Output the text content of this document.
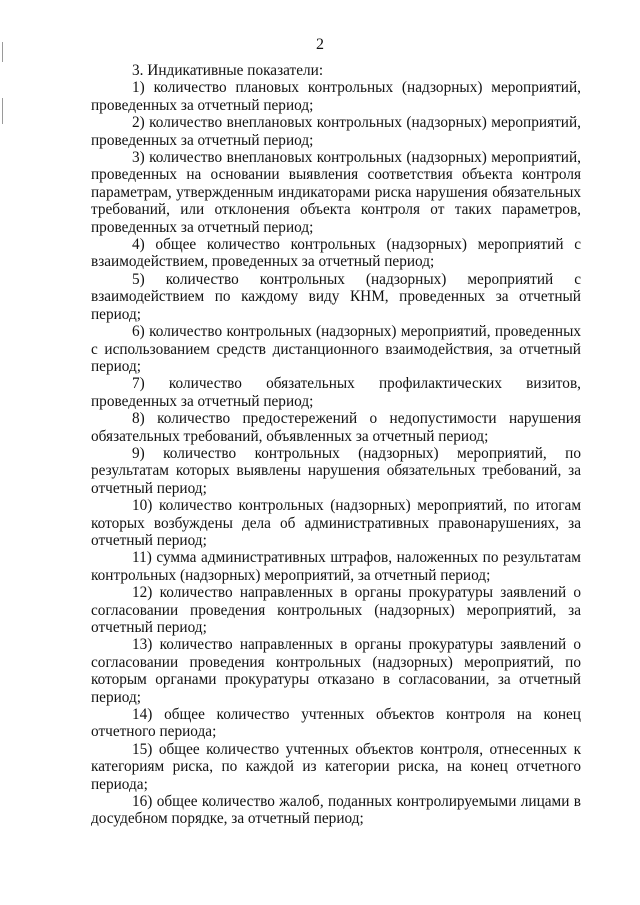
2

3. Индикативные показатели:

1) количество плановых контрольных (надзорных) мероприятий, проведенных за отчетный период;

2) количество внеплановых контрольных (надзорных) мероприятий, проведенных за отчетный период;

3) количество внеплановых контрольных (надзорных) мероприятий, проведенных на основании выявления соответствия объекта контроля параметрам, утвержденным индикаторами риска нарушения обязательных требований, или отклонения объекта контроля от таких параметров, проведенных за отчетный период;

4) общее количество контрольных (надзорных) мероприятий с взаимодействием, проведенных за отчетный период;

5) количество контрольных (надзорных) мероприятий с взаимодействием по каждому виду КНМ, проведенных за отчетный период;

6) количество контрольных (надзорных) мероприятий, проведенных с использованием средств дистанционного взаимодействия, за отчетный период;

7) количество обязательных профилактических визитов, проведенных за отчетный период;

8) количество предостережений о недопустимости нарушения обязательных требований, объявленных за отчетный период;

9) количество контрольных (надзорных) мероприятий, по результатам которых выявлены нарушения обязательных требований, за отчетный период;

10) количество контрольных (надзорных) мероприятий, по итогам которых возбуждены дела об административных правонарушениях, за отчетный период;

11) сумма административных штрафов, наложенных по результатам контрольных (надзорных) мероприятий, за отчетный период;

12) количество направленных в органы прокуратуры заявлений о согласовании проведения контрольных (надзорных) мероприятий, за отчетный период;

13) количество направленных в органы прокуратуры заявлений о согласовании проведения контрольных (надзорных) мероприятий, по которым органами прокуратуры отказано в согласовании, за отчетный период;

14) общее количество учтенных объектов контроля на конец отчетного периода;

15) общее количество учтенных объектов контроля, отнесенных к категориям риска, по каждой из категории риска, на конец отчетного периода;

16) общее количество жалоб, поданных контролируемыми лицами в досудебном порядке, за отчетный период;
